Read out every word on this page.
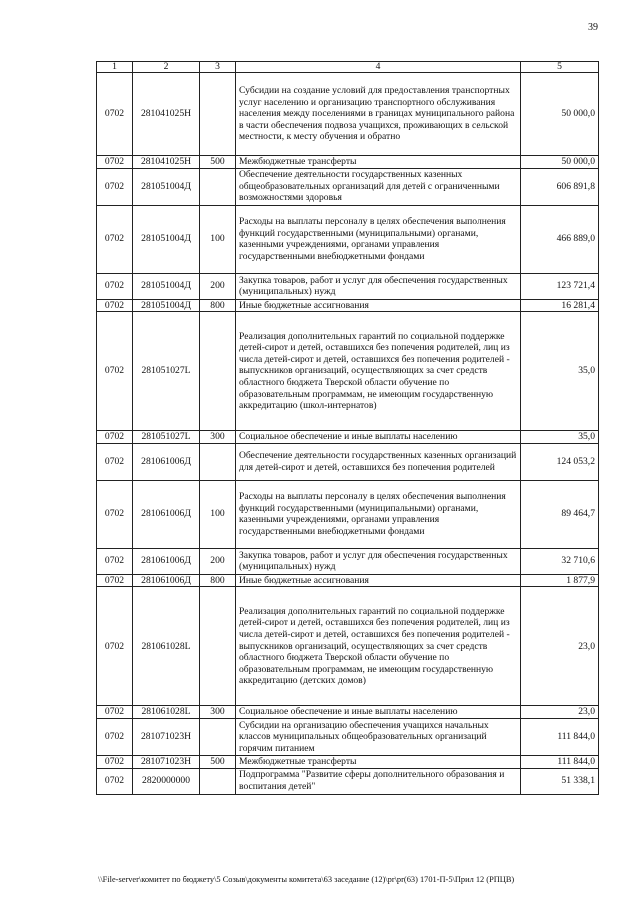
39
1	2	3	4	5
0702	281041025Н		Субсидии на создание условий для предоставления транспортных услуг населению и организацию транспортного обслуживания населения между поселениями в границах муниципального района в части обеспечения подвоза учащихся, проживающих в сельской местности, к месту обучения и обратно	50 000,0
0702	281041025Н	500	Межбюджетные трансферты	50 000,0
0702	281051004Д		Обеспечение деятельности государственных казенных общеобразовательных организаций для детей с ограниченными возможностями здоровья	606 891,8
0702	281051004Д	100	Расходы на выплаты персоналу в целях обеспечения выполнения функций государственными (муниципальными) органами, казенными учреждениями, органами управления государственными внебюджетными фондами	466 889,0
0702	281051004Д	200	Закупка товаров, работ и услуг для обеспечения государственных (муниципальных) нужд	123 721,4
0702	281051004Д	800	Иные бюджетные ассигнования	16 281,4
0702	281051027L		Реализация дополнительных гарантий по социальной поддержке детей-сирот и детей, оставшихся без попечения родителей, лиц из числа детей-сирот и детей, оставшихся без попечения родителей - выпускников организаций, осуществляющих за счет средств областного бюджета Тверской области обучение по образовательным программам, не имеющим государственную аккредитацию (школ-интернатов)	35,0
0702	281051027L	300	Социальное обеспечение и иные выплаты населению	35,0
0702	281061006Д		Обеспечение деятельности государственных казенных организаций для детей-сирот и детей, оставшихся без попечения родителей	124 053,2
0702	281061006Д	100	Расходы на выплаты персоналу в целях обеспечения выполнения функций государственными (муниципальными) органами, казенными учреждениями, органами управления государственными внебюджетными фондами	89 464,7
0702	281061006Д	200	Закупка товаров, работ и услуг для обеспечения государственных (муниципальных) нужд	32 710,6
0702	281061006Д	800	Иные бюджетные ассигнования	1 877,9
0702	281061028L		Реализация дополнительных гарантий по социальной поддержке детей-сирот и детей, оставшихся без попечения родителей, лиц из числа детей-сирот и детей, оставшихся без попечения родителей - выпускников организаций, осуществляющих за счет средств областного бюджета Тверской области обучение по образовательным программам, не имеющим государственную аккредитацию (детских домов)	23,0
0702	281061028L	300	Социальное обеспечение и иные выплаты населению	23,0
0702	281071023Н		Субсидии на организацию обеспечения учащихся начальных классов муниципальных общеобразовательных организаций горячим питанием	111 844,0
0702	281071023Н	500	Межбюджетные трансферты	111 844,0
0702	2820000000		Подпрограмма "Развитие сферы дополнительного образования и воспитания детей"	51 338,1
\\File-server\комитет по бюджету\5 Созыв\документы комитета\63 заседание (12)\pr\pr(63) 1701-П-5\Прил 12 (РПЦВ)
